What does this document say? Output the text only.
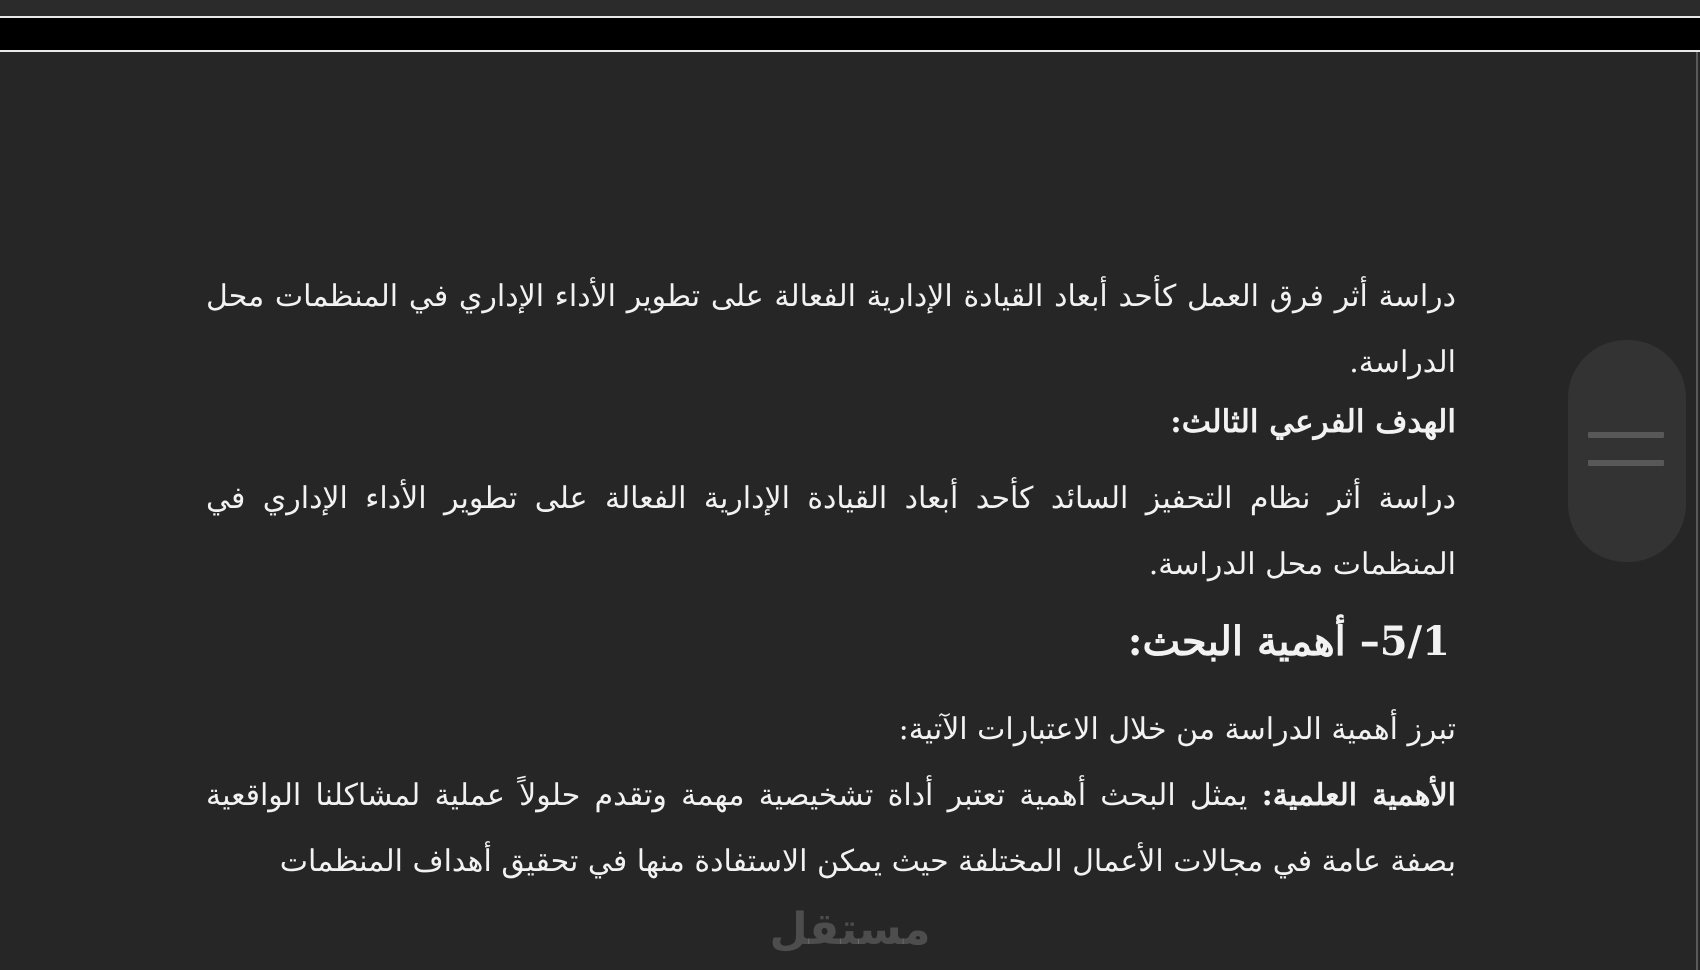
دراسة أثر فرق العمل كأحد أبعاد القيادة الإدارية الفعالة على تطوير الأداء الإداري في المنظمات محل الدراسة.

الهدف الفرعي الثالث:

دراسة أثر نظام التحفيز السائد كأحد أبعاد القيادة الإدارية الفعالة على تطوير الأداء الإداري في المنظمات محل الدراسة.

5/1– أهمية البحث:

تبرز أهمية الدراسة من خلال الاعتبارات الآتية:

الأهمية العلمية: يمثل البحث أهمية تعتبر أداة تشخيصية مهمة وتقدم حلولاً عملية لمشاكلنا الواقعية بصفة عامة في مجالات الأعمال المختلفة حيث يمكن الاستفادة منها في تحقيق أهداف المنظمات

مستقل
